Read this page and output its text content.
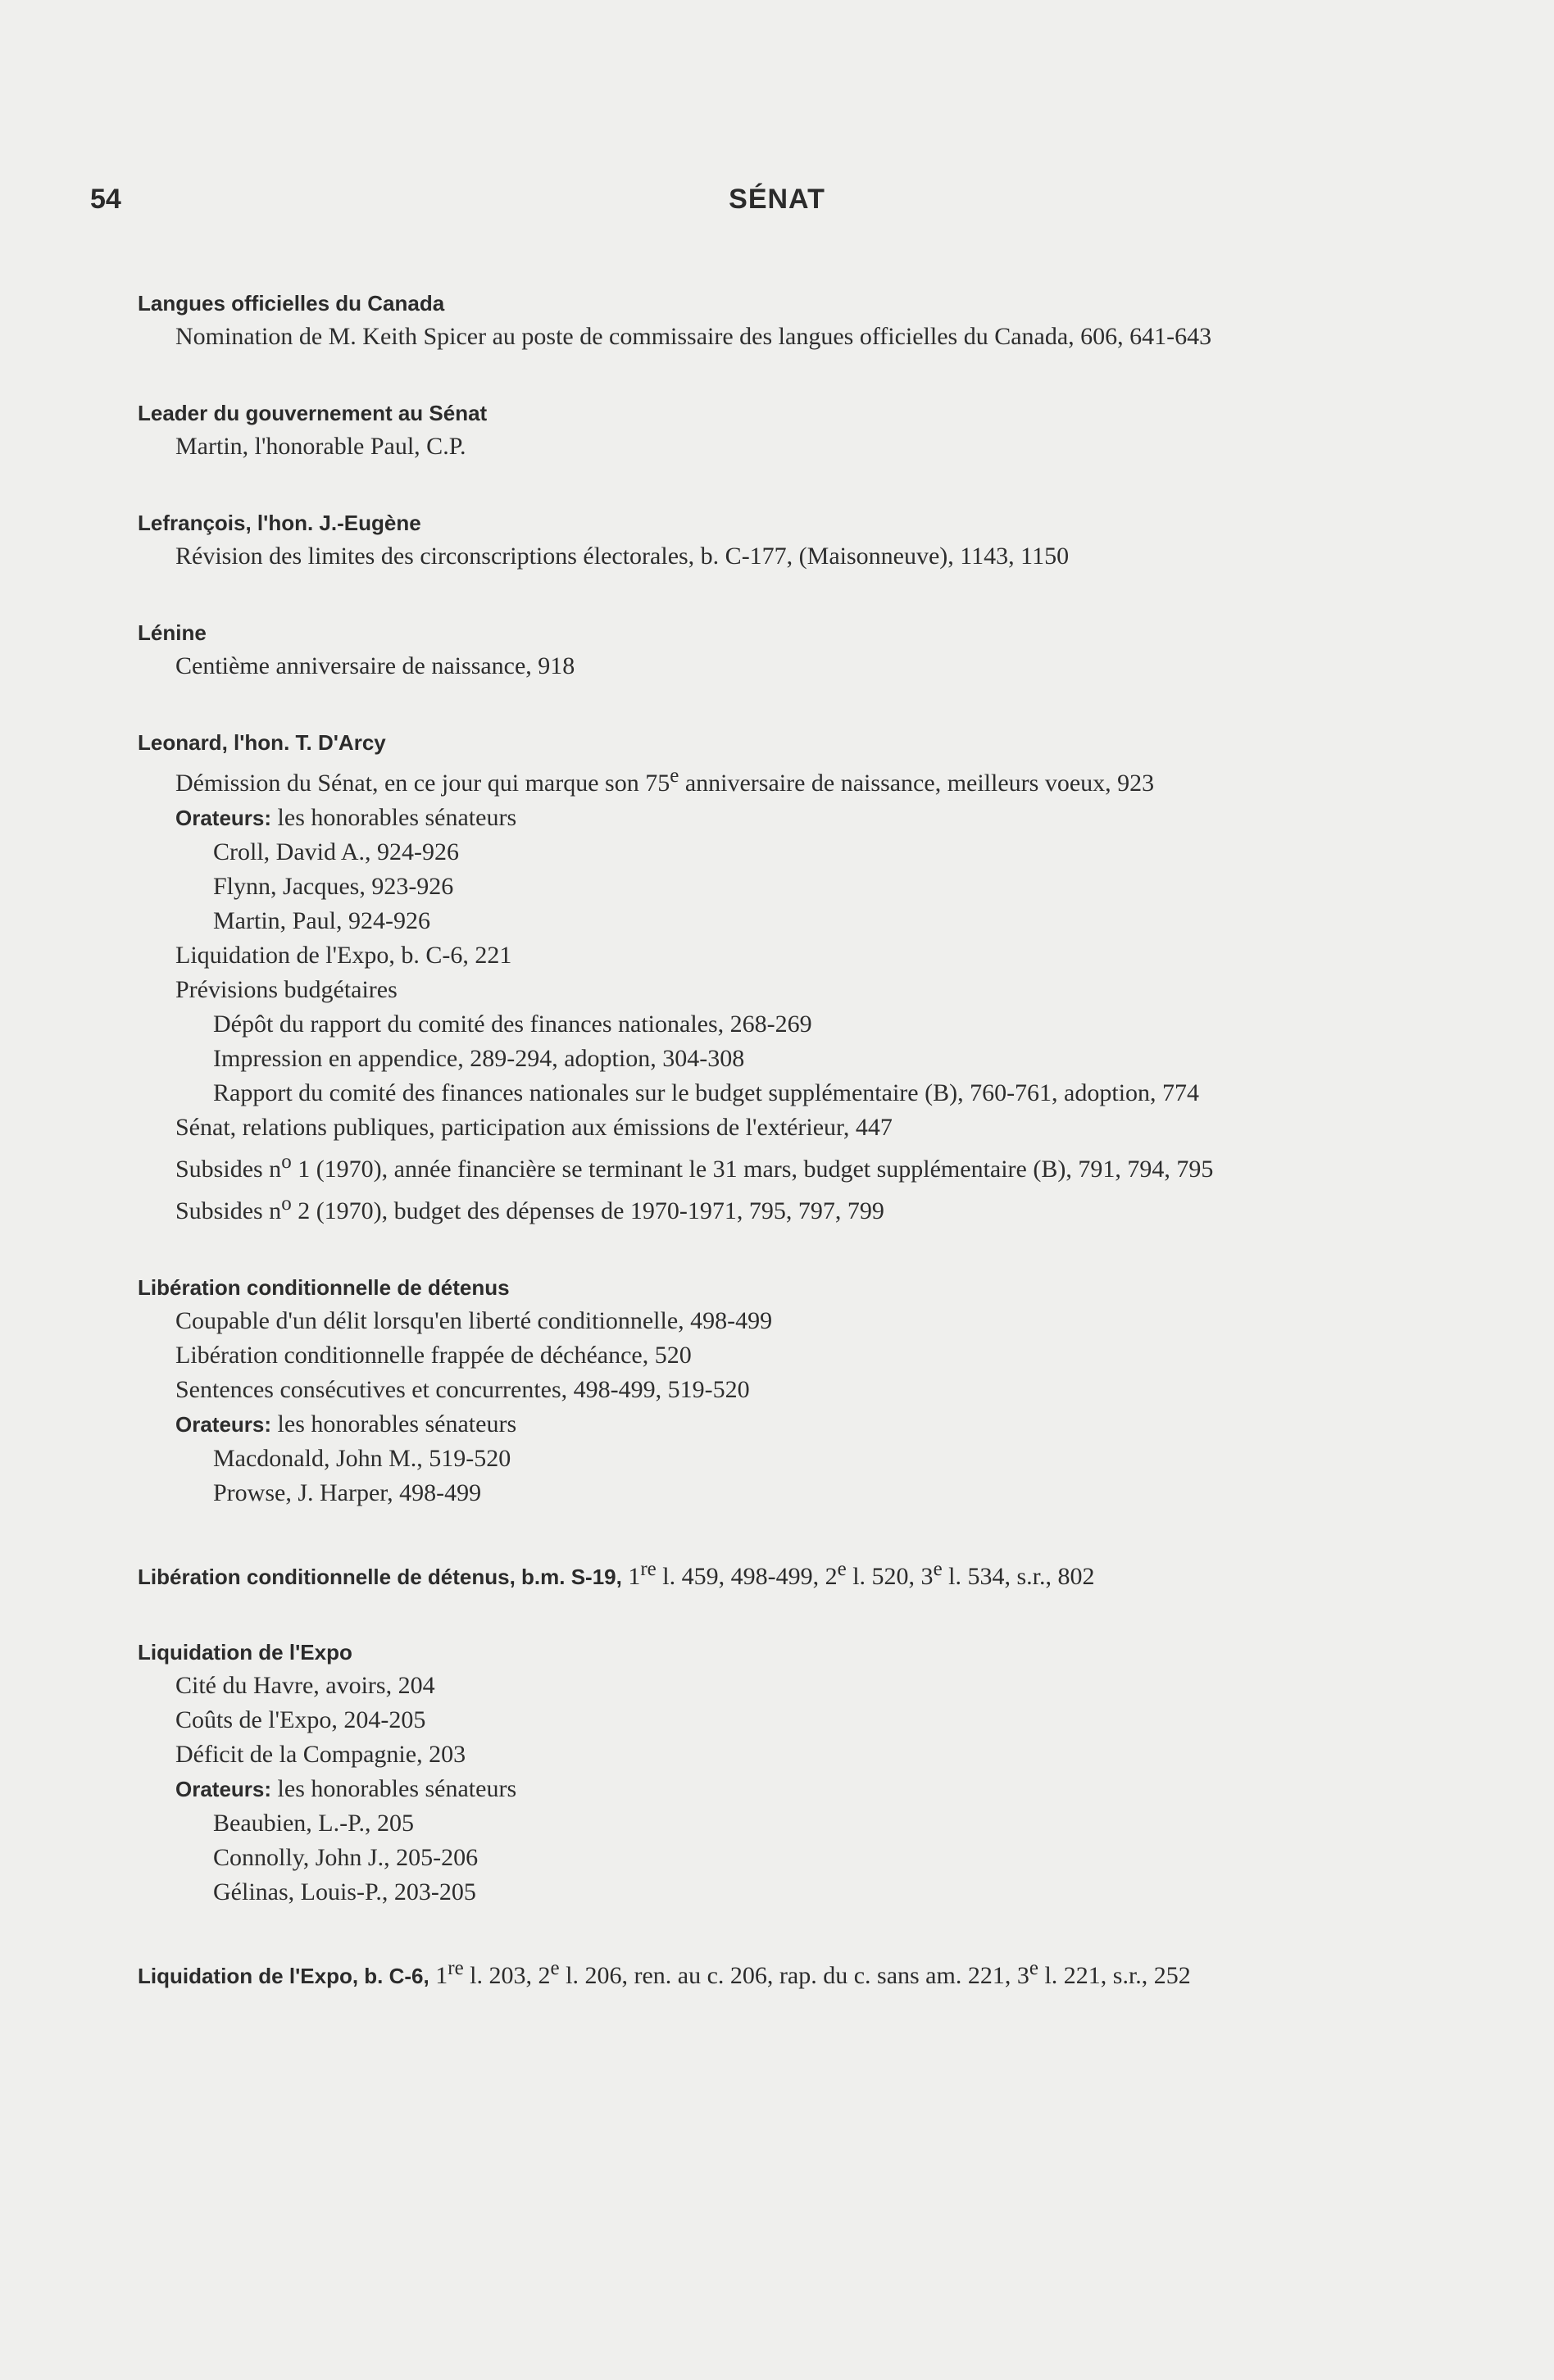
54	SÉNAT
Langues officielles du Canada
Nomination de M. Keith Spicer au poste de commissaire des langues officielles du Canada, 606, 641-643
Leader du gouvernement au Sénat
Martin, l'honorable Paul, C.P.
Lefrançois, l'hon. J.-Eugène
Révision des limites des circonscriptions électorales, b. C-177, (Maisonneuve), 1143, 1150
Lénine
Centième anniversaire de naissance, 918
Leonard, l'hon. T. D'Arcy
Démission du Sénat, en ce jour qui marque son 75e anniversaire de naissance, meilleurs voeux, 923
Orateurs: les honorables sénateurs
Croll, David A., 924-926
Flynn, Jacques, 923-926
Martin, Paul, 924-926
Liquidation de l'Expo, b. C-6, 221
Prévisions budgétaires
Dépôt du rapport du comité des finances nationales, 268-269
Impression en appendice, 289-294, adoption, 304-308
Rapport du comité des finances nationales sur le budget supplémentaire (B), 760-761, adoption, 774
Sénat, relations publiques, participation aux émissions de l'extérieur, 447
Subsides $n^o$ 1 (1970), année financière se terminant le 31 mars, budget supplémentaire (B), 791, 794, 795
Subsides $n^o$ 2 (1970), budget des dépenses de 1970-1971, 795, 797, 799
Libération conditionnelle de détenus
Coupable d'un délit lorsqu'en liberté conditionnelle, 498-499
Libération conditionnelle frappée de déchéance, 520
Sentences consécutives et concurrentes, 498-499, 519-520
Orateurs: les honorables sénateurs
Macdonald, John M., 519-520
Prowse, J. Harper, 498-499
Libération conditionnelle de détenus, b.m. S-19, 1re l. 459, 498-499, 2e l. 520, 3e l. 534, s.r., 802
Liquidation de l'Expo
Cité du Havre, avoirs, 204
Coûts de l'Expo, 204-205
Déficit de la Compagnie, 203
Orateurs: les honorables sénateurs
Beaubien, L.-P., 205
Connolly, John J., 205-206
Gélinas, Louis-P., 203-205
Liquidation de l'Expo, b. C-6, 1re l. 203, 2e l. 206, ren. au c. 206, rap. du c. sans am. 221, 3e l. 221, s.r., 252
